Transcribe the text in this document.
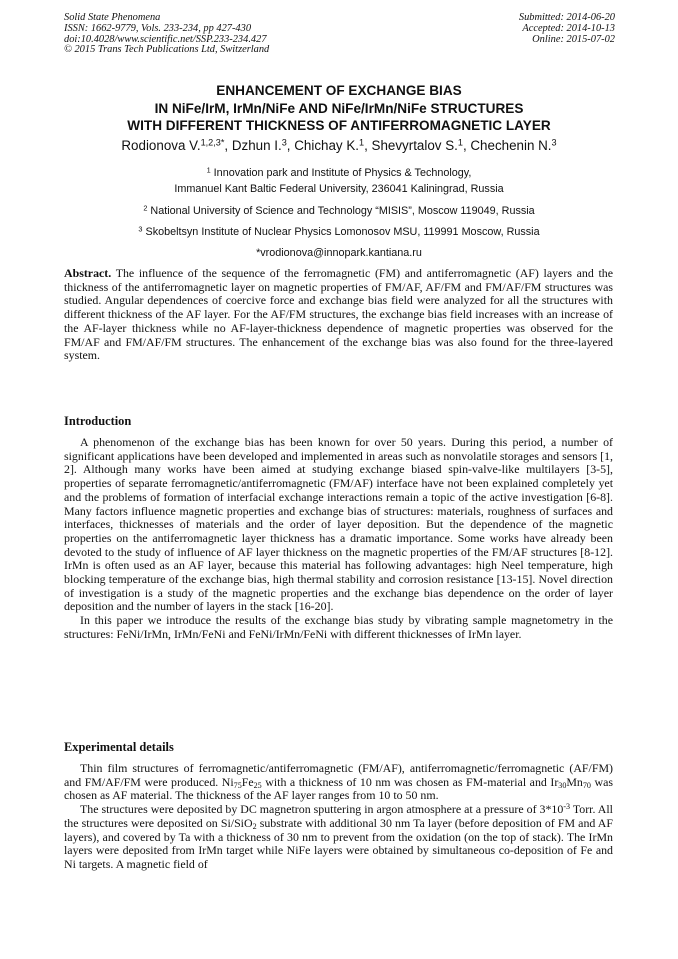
Solid State Phenomena
ISSN: 1662-9779, Vols. 233-234, pp 427-430
doi:10.4028/www.scientific.net/SSP.233-234.427
© 2015 Trans Tech Publications Ltd, Switzerland
Submitted: 2014-06-20
Accepted: 2014-10-13
Online: 2015-07-02
ENHANCEMENT OF EXCHANGE BIAS
IN NiFe/IrM, IrMn/NiFe AND NiFe/IrMn/NiFe STRUCTURES
WITH DIFFERENT THICKNESS OF ANTIFERROMAGNETIC LAYER
Rodionova V.$^{1,2,3*}$, Dzhun I.$^3$, Chichay K.$^1$, Shevyrtalov S.$^1$, Chechenin N.$^3$
$^1$ Innovation park and Institute of Physics & Technology,
Immanuel Kant Baltic Federal University, 236041 Kaliningrad, Russia
$^2$ National University of Science and Technology “MISIS”, Moscow 119049, Russia
$^3$ Skobeltsyn Institute of Nuclear Physics Lomonosov MSU, 119991 Moscow, Russia
*vrodionova@innopark.kantiana.ru

Abstract. The influence of the sequence of the ferromagnetic (FM) and antiferromagnetic (AF) layers and the thickness of the antiferromagnetic layer on magnetic properties of FM/AF, AF/FM and FM/AF/FM structures was studied. Angular dependences of coercive force and exchange bias field were analyzed for all the structures with different thickness of the AF layer. For the AF/FM structures, the exchange bias field increases with an increase of the AF-layer thickness while no AF-layer-thickness dependence of magnetic properties was observed for the FM/AF and FM/AF/FM structures. The enhancement of the exchange bias was also found for the three-layered system.

Introduction

A phenomenon of the exchange bias has been known for over 50 years. During this period, a number of significant applications have been developed and implemented in areas such as nonvolatile storages and sensors [1, 2]. Although many works have been aimed at studying exchange biased spin-valve-like multilayers [3-5], properties of separate ferromagnetic/antiferromagnetic (FM/AF) interface have not been explained completely yet and the problems of formation of interfacial exchange interactions remain a topic of the active investigation [6-8]. Many factors influence magnetic properties and exchange bias of structures: materials, roughness of surfaces and interfaces, thicknesses of materials and the order of layer deposition. But the dependence of the magnetic properties on the antiferromagnetic layer thickness has a dramatic importance. Some works have already been devoted to the study of influence of AF layer thickness on the magnetic properties of the FM/AF structures [8-12]. IrMn is often used as an AF layer, because this material has following advantages: high Neel temperature, high blocking temperature of the exchange bias, high thermal stability and corrosion resistance [13-15]. Novel direction of investigation is a study of the magnetic properties and the exchange bias dependence on the order of layer deposition and the number of layers in the stack [16-20].

In this paper we introduce the results of the exchange bias study by vibrating sample magnetometry in the structures: FeNi/IrMn, IrMn/FeNi and FeNi/IrMn/FeNi with different thicknesses of IrMn layer.

Experimental details

Thin film structures of ferromagnetic/antiferromagnetic (FM/AF), antiferromagnetic/ferromagnetic (AF/FM) and FM/AF/FM were produced. $Ni_{75}Fe_{25}$ with a thickness of 10 nm was chosen as FM-material and $Ir_{30}Mn_{70}$ was chosen as AF material. The thickness of the AF layer ranges from 10 to 50 nm.

The structures were deposited by DC magnetron sputtering in argon atmosphere at a pressure of $3*10^{-3}$ Torr. All the structures were deposited on Si/SiO$_2$ substrate with additional 30 nm Ta layer (before deposition of FM and AF layers), and covered by Ta with a thickness of 30 nm to prevent from the oxidation (on the top of stack). The IrMn layers were deposited from IrMn target while NiFe layers were obtained by simultaneous co-deposition of Fe and Ni targets. A magnetic field of
